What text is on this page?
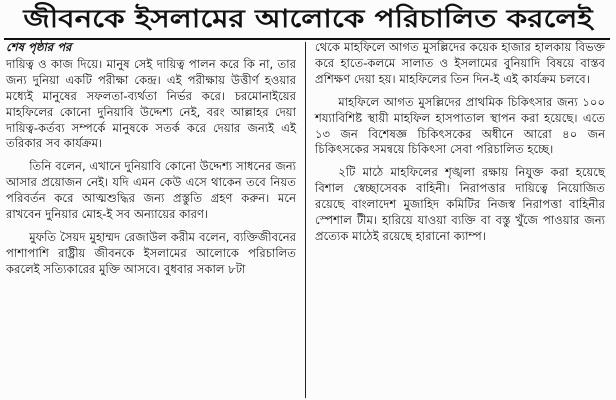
জীবনকে ইসলামের আলোকে পরিচালিত করলেই
শেষ পৃষ্ঠার পর

দায়িত্ব ও কাজ দিয়ে। মানুষ সেই দায়িত্ব পালন করে কি না, তার জন্য দুনিয়া একটি পরীক্ষা কেন্দ্র। এই পরীক্ষায় উত্তীর্ণ হওয়ার মধ্যেই মানুষের সফলতা-ব্যর্থতা নির্ভর করে। চরমোনাইয়ের মাহফিলের কোনো দুনিয়াবি উদ্দেশ্য নেই, বরং আল্লাহর দেয়া দায়িত্ব-কর্তব্য সম্পর্কে মানুষকে সতর্ক করে দেয়ার জন্যই এই তরিকার সব কার্যক্রম।

তিনি বলেন, এখানে দুনিয়াবি কোনো উদ্দেশ্য সাধনের জন্য আসার প্রয়োজন নেই। যদি এমন কেউ এসে থাকেন তবে নিয়ত পরিবর্তন করে আত্মশুদ্ধির জন্য প্রস্তুতি গ্রহণ করুন। মনে রাখবেন দুনিয়ার মোহ-ই সব অন্যায়ের কারণ।

মুফতি সৈয়দ মুহাম্মদ রেজাউল করীম বলেন, ব্যক্তিজীবনের পাশাপাশি রাষ্ট্রীয় জীবনকে ইসলামের আলোকে পরিচালিত করলেই সত্যিকারের মুক্তি আসবে। বুধবার সকাল ৮টা

থেকে মাহফিলে আগত মুসল্লিদের কয়েক হাজার হালকায় বিভক্ত করে হাতে-কলমে সালাত ও ইসলামের বুনিয়াদি বিষয়ে বাস্তব প্রশিক্ষণ দেয়া হয়। মাহফিলের তিন দিন-ই এই কার্যক্রম চলবে।

মাহফিলে আগত মুসল্লিদের প্রাথমিক চিকিৎসার জন্য ১০০ শয্যাবিশিষ্ট স্থায়ী মাহফিল হাসপাতাল স্থাপন করা হয়েছে। এতে ১৩ জন বিশেষজ্ঞ চিকিৎসকের অধীনে আরো ৪০ জন চিকিৎসকের সমন্বয়ে চিকিৎসা সেবা পরিচালিত হচ্ছে।

২টি মাঠে মাহফিলের শৃঙ্খলা রক্ষায় নিযুক্ত করা হয়েছে বিশাল স্বেচ্ছাসেবক বাহিনী। নিরাপত্তার দায়িত্বে নিয়োজিত রয়েছে বাংলাদেশ মুজাহিদ কমিটির নিজস্ব নিরাপত্তা বাহিনীর স্পেশাল টীম। হারিয়ে যাওয়া ব্যক্তি বা বস্তু খুঁজে পাওয়ার জন্য প্রত্যেক মাঠেই রয়েছে হারানো ক্যাম্প।
